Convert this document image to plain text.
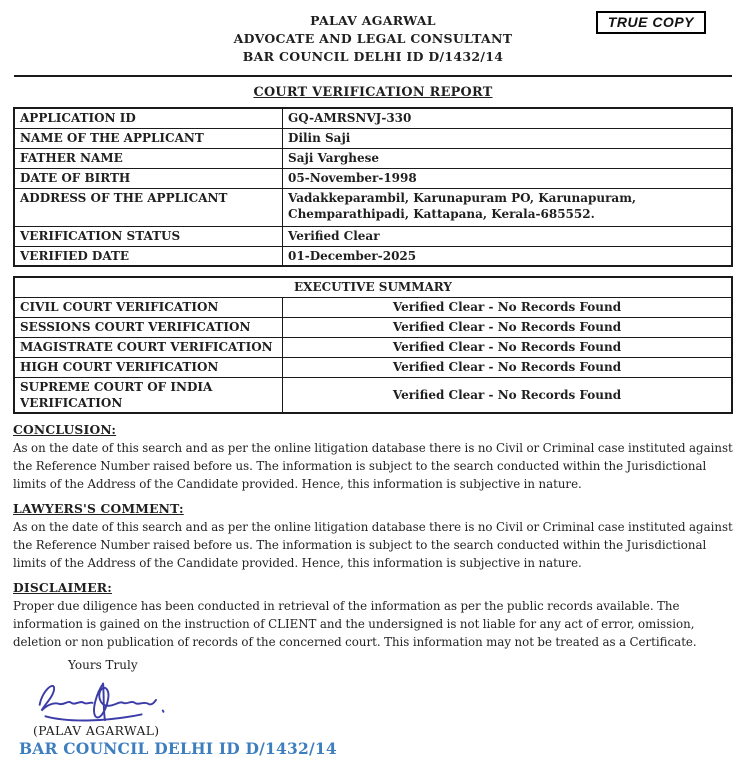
TRUE COPY
PALAV AGARWAL
ADVOCATE AND LEGAL CONSULTANT
BAR COUNCIL DELHI ID D/1432/14
COURT VERIFICATION REPORT
APPLICATION ID	GQ-AMRSNVJ-330
NAME OF THE APPLICANT	Dilin Saji
FATHER NAME	Saji Varghese
DATE OF BIRTH	05-November-1998
ADDRESS OF THE APPLICANT	Vadakkeparambil, Karunapuram PO, Karunapuram, Chemparathipadi, Kattapana, Kerala-685552.
VERIFICATION STATUS	Verified Clear
VERIFIED DATE	01-December-2025
EXECUTIVE SUMMARY	
CIVIL COURT VERIFICATION	Verified Clear - No Records Found
SESSIONS COURT VERIFICATION	Verified Clear - No Records Found
MAGISTRATE COURT VERIFICATION	Verified Clear - No Records Found
HIGH COURT VERIFICATION	Verified Clear - No Records Found
SUPREME COURT OF INDIA VERIFICATION	Verified Clear - No Records Found
CONCLUSION:
As on the date of this search and as per the online litigation database there is no Civil or Criminal case instituted against the Reference Number raised before us. The information is subject to the search conducted within the Jurisdictional limits of the Address of the Candidate provided. Hence, this information is subjective in nature.
LAWYERS'S COMMENT:
As on the date of this search and as per the online litigation database there is no Civil or Criminal case instituted against the Reference Number raised before us. The information is subject to the search conducted within the Jurisdictional limits of the Address of the Candidate provided. Hence, this information is subjective in nature.
DISCLAIMER:
Proper due diligence has been conducted in retrieval of the information as per the public records available. The information is gained on the instruction of CLIENT and the undersigned is not liable for any act of error, omission, deletion or non publication of records of the concerned court. This information may not be treated as a Certificate.
Yours Truly
(PALAV AGARWAL)
BAR COUNCIL DELHI ID D/1432/14
